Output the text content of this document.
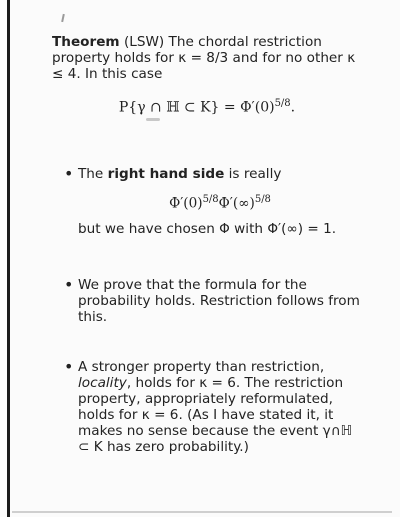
Theorem (LSW) The chordal restriction property holds for κ = 8/3 and for no other κ ≤ 4. In this case

P{γ ∩ ℍ ⊂ $K\} = \Phi'(0)^{5/8}$.
• The right hand side is really
$\Phi'(0)^{5/8}\Phi'(\infty)^{5/8}$
but we have chosen Φ with Φ′(∞) = 1.
• We prove that the formula for the probability holds. Restriction follows from this.
• A stronger property than restriction, locality, holds for κ = 6. The restriction property, appropriately reformulated, holds for κ = 6. (As I have stated it, it makes no sense because the event γ∩ℍ ⊂ K has zero probability.)
